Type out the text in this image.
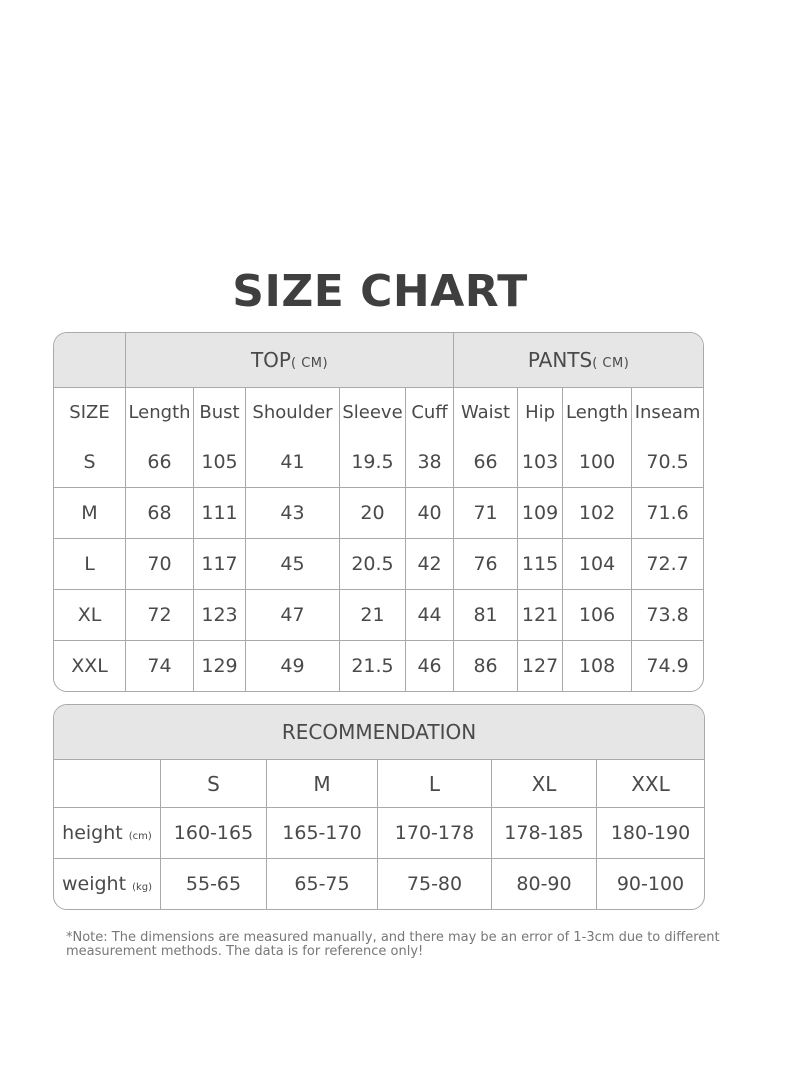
SIZE CHART
	TOP( CM)					PANTS( CM)			
SIZE	Length	Bust	Shoulder	Sleeve	Cuff	Waist	Hip	Length	Inseam
S	66	105	41	19.5	38	66	103	100	70.5
M	68	111	43	20	40	71	109	102	71.6
L	70	117	45	20.5	42	76	115	104	72.7
XL	72	123	47	21	44	81	121	106	73.8
XXL	74	129	49	21.5	46	86	127	108	74.9
RECOMMENDATION					
	S	M	L	XL	XXL
height (cm)	160-165	165-170	170-178	178-185	180-190
weight (kg)	55-65	65-75	75-80	80-90	90-100
*Note: The dimensions are measured manually, and there may be an error of 1-3cm due to different
measurement methods. The data is for reference only!
